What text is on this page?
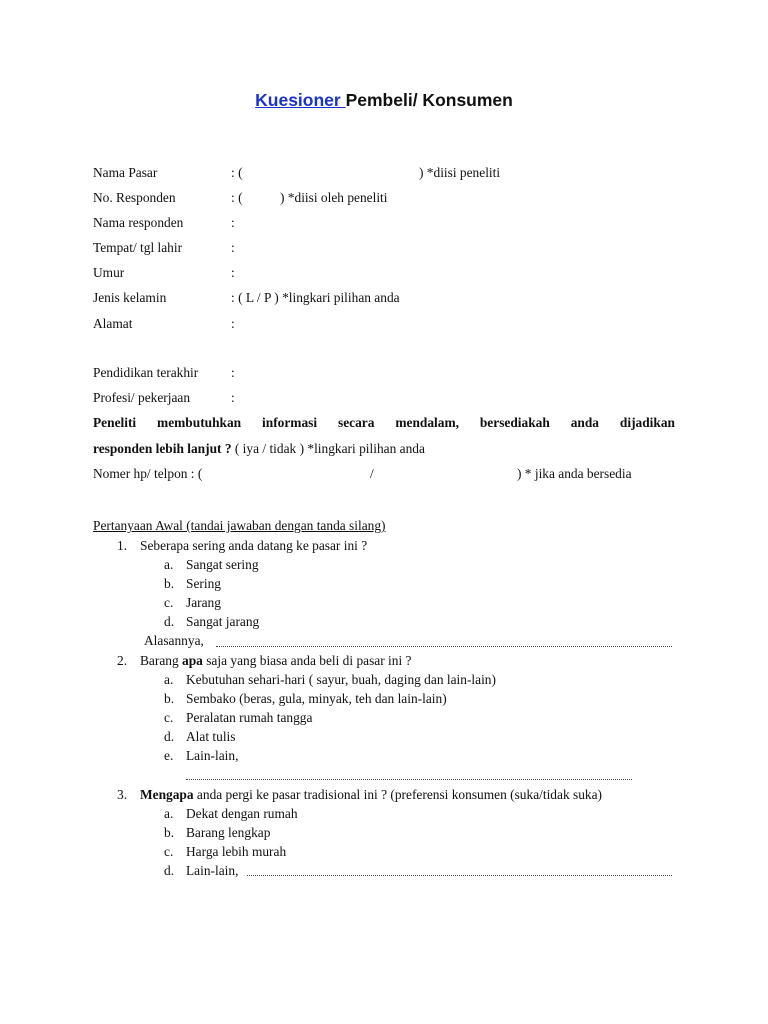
Kuesioner Pembeli/ Konsumen
Nama Pasar	: (	) *diisi peneliti
No. Responden	: (	) *diisi oleh peneliti
Nama responden	:
Tempat/ tgl lahir	:
Umur	:
Jenis kelamin	: ( L / P ) *lingkari pilihan anda
Alamat	:
Pendidikan terakhir :
Profesi/ pekerjaan	:
Peneliti membutuhkan informasi secara mendalam, bersediakah anda dijadikan
responden lebih lanjut ? ( iya / tidak ) *lingkari pilihan anda
Nomer hp/ telpon : (	/	) * jika anda bersedia
Pertanyaan Awal (tandai jawaban dengan tanda silang)
1. Seberapa sering anda datang ke pasar ini ?
a. Sangat sering
b. Sering
c. Jarang
d. Sangat jarang
Alasannya,
2. Barang apa saja yang biasa anda beli di pasar ini ?
a. Kebutuhan sehari-hari ( sayur, buah, daging dan lain-lain)
b. Sembako (beras, gula, minyak, teh dan lain-lain)
c. Peralatan rumah tangga
d. Alat tulis
e. Lain-lain,
3. Mengapa anda pergi ke pasar tradisional ini ? (preferensi konsumen (suka/tidak suka)
a. Dekat dengan rumah
b. Barang lengkap
c. Harga lebih murah
d. Lain-lain,
